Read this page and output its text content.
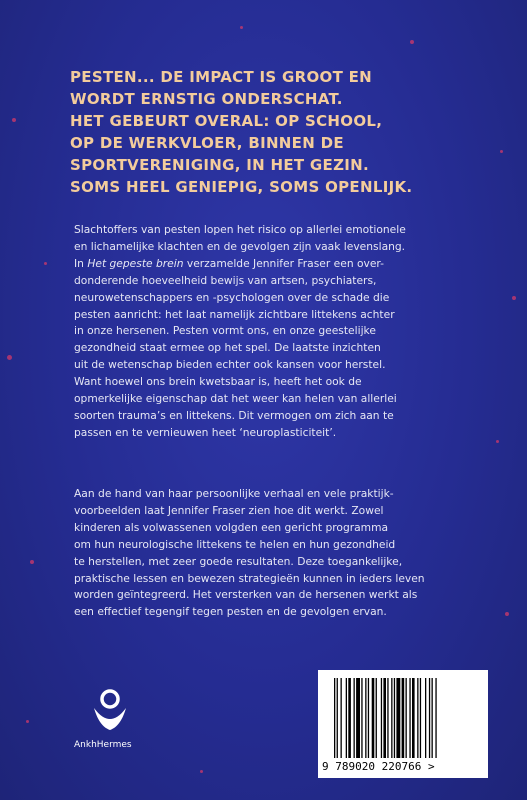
PESTEN... DE IMPACT IS GROOT EN
WORDT ERNSTIG ONDERSCHAT.
HET GEBEURT OVERAL: OP SCHOOL,
OP DE WERKVLOER, BINNEN DE
SPORTVERENIGING, IN HET GEZIN.
SOMS HEEL GENIEPIG, SOMS OPENLIJK.
Slachtoffers van pesten lopen het risico op allerlei emotionele
en lichamelijke klachten en de gevolgen zijn vaak levenslang.
In Het gepeste brein verzamelde Jennifer Fraser een over-
donderende hoeveelheid bewijs van artsen, psychiaters,
neurowetenschappers en -psychologen over de schade die
pesten aanricht: het laat namelijk zichtbare littekens achter
in onze hersenen. Pesten vormt ons, en onze geestelijke
gezondheid staat ermee op het spel. De laatste inzichten
uit de wetenschap bieden echter ook kansen voor herstel.
Want hoewel ons brein kwetsbaar is, heeft het ook de
opmerkelijke eigenschap dat het weer kan helen van allerlei
soorten trauma’s en littekens. Dit vermogen om zich aan te
passen en te vernieuwen heet ‘neuroplasticiteit’.
Aan de hand van haar persoonlijke verhaal en vele praktijk-
voorbeelden laat Jennifer Fraser zien hoe dit werkt. Zowel
kinderen als volwassenen volgden een gericht programma
om hun neurologische littekens te helen en hun gezondheid
te herstellen, met zeer goede resultaten. Deze toegankelijke,
praktische lessen en bewezen strategieën kunnen in ieders leven
worden geïntegreerd. Het versterken van de hersenen werkt als
een effectief tegengif tegen pesten en de gevolgen ervan.
AnkhHermes
9 789020 220766 >
